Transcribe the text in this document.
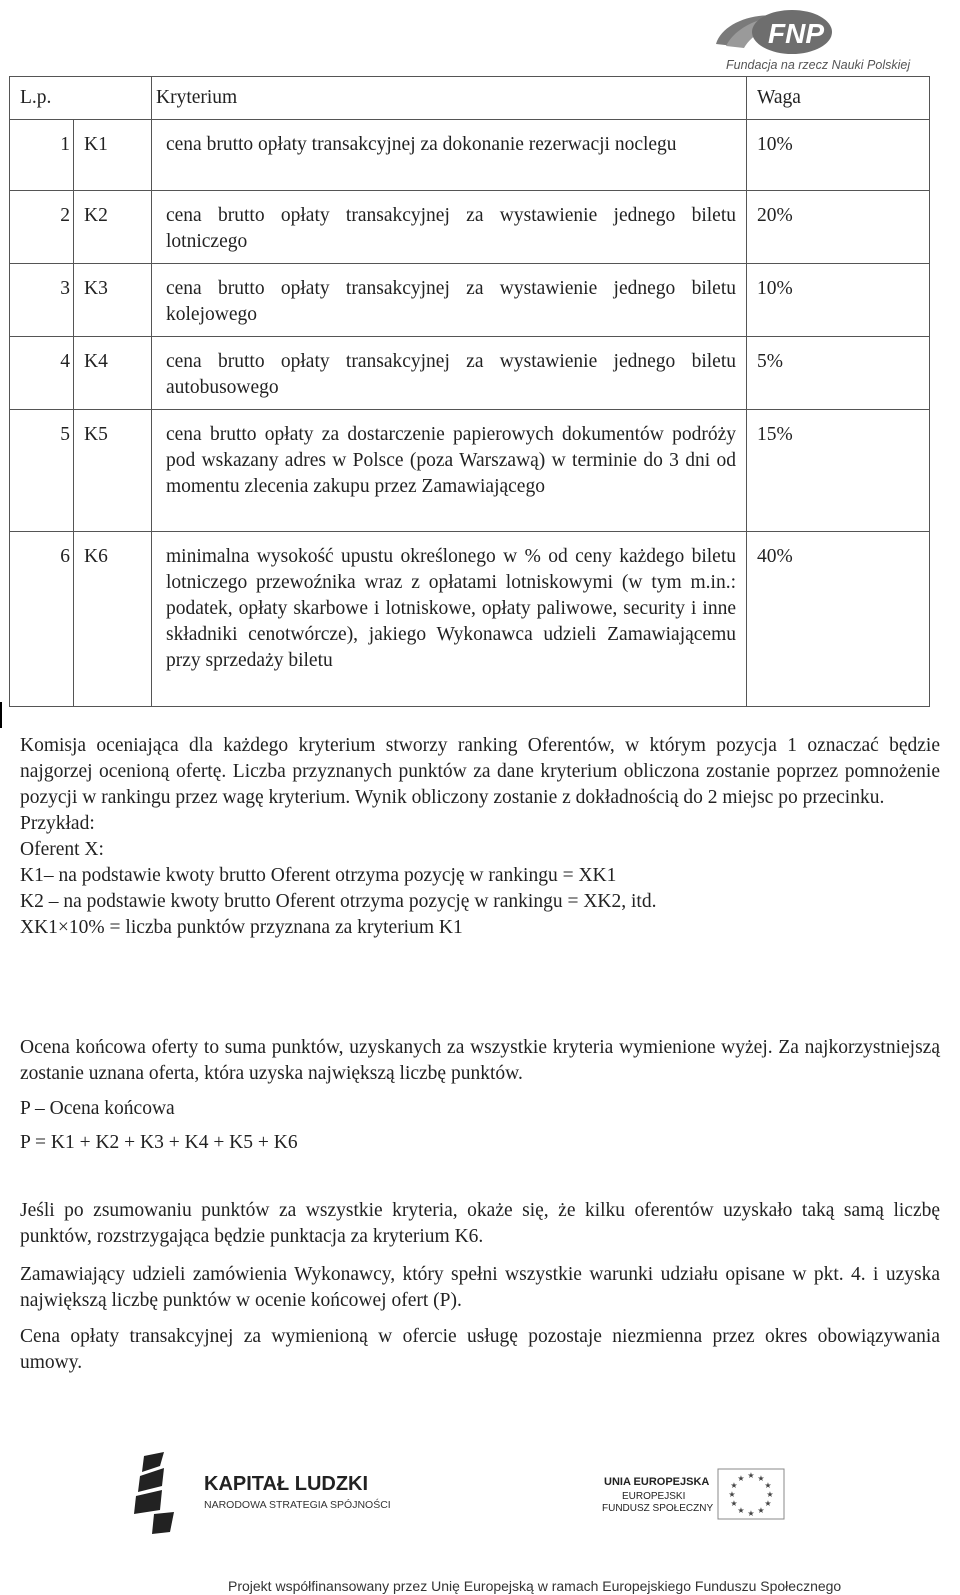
FNP
Fundacja na rzecz Nauki Polskiej
L.p.		Kryterium	Waga
1	K1	cena brutto opłaty transakcyjnej za dokonanie rezerwacji noclegu	10%
2	K2	cena brutto opłaty transakcyjnej za wystawienie jednego biletu lotniczego	20%
3	K3	cena brutto opłaty transakcyjnej za wystawienie jednego biletu kolejowego	10%
4	K4	cena brutto opłaty transakcyjnej za wystawienie jednego biletu autobusowego	5%
5	K5	cena brutto opłaty za dostarczenie papierowych dokumentów podróży pod wskazany adres w Polsce (poza Warszawą) w terminie do 3 dni od momentu zlecenia zakupu przez Zamawiającego	15%
6	K6	minimalna wysokość upustu określonego w % od ceny każdego biletu lotniczego przewoźnika wraz z opłatami lotniskowymi (w tym m.in.: podatek, opłaty skarbowe i lotniskowe, opłaty paliwowe, security i inne składniki cenotwórcze), jakiego Wykonawca udzieli Zamawiającemu przy sprzedaży biletu	40%

Komisja oceniająca dla każdego kryterium stworzy ranking Oferentów, w którym pozycja 1 oznaczać będzie najgorzej ocenioną ofertę. Liczba przyznanych punktów za dane kryterium obliczona zostanie poprzez pomnożenie pozycji w rankingu przez wagę kryterium. Wynik obliczony zostanie z dokładnością do 2 miejsc po przecinku.

Przykład:

Oferent X:

K1– na podstawie kwoty brutto Oferent otrzyma pozycję w rankingu = XK1

K2 – na podstawie kwoty brutto Oferent otrzyma pozycję w rankingu = XK2, itd.

XK1×10% = liczba punktów przyznana za kryterium K1

Ocena końcowa oferty to suma punktów, uzyskanych za wszystkie kryteria wymienione wyżej. Za najkorzystniejszą zostanie uznana oferta, która uzyska największą liczbę punktów.
P – Ocena końcowa
P = K1 + K2 + K3 + K4 + K5 + K6
Jeśli po zsumowaniu punktów za wszystkie kryteria, okaże się, że kilku oferentów uzyskało taką samą liczbę punktów, rozstrzygająca będzie punktacja za kryterium K6.
Zamawiający udzieli zamówienia Wykonawcy, który spełni wszystkie warunki udziału opisane w pkt. 4. i uzyska największą liczbę punktów w ocenie końcowej ofert (P).
Cena opłaty transakcyjnej za wymienioną w ofercie usługę pozostaje niezmienna przez okres obowiązywania umowy.
KAPITAŁ LUDZKI
NARODOWA STRATEGIA SPÓJNOŚCI
UNIA EUROPEJSKA
EUROPEJSKI
FUNDUSZ SPOŁECZNY
★ ★
★
★
★
★
★
★
★
★
★
★
Projekt współfinansowany przez Unię Europejską w ramach Europejskiego Funduszu Społecznego
